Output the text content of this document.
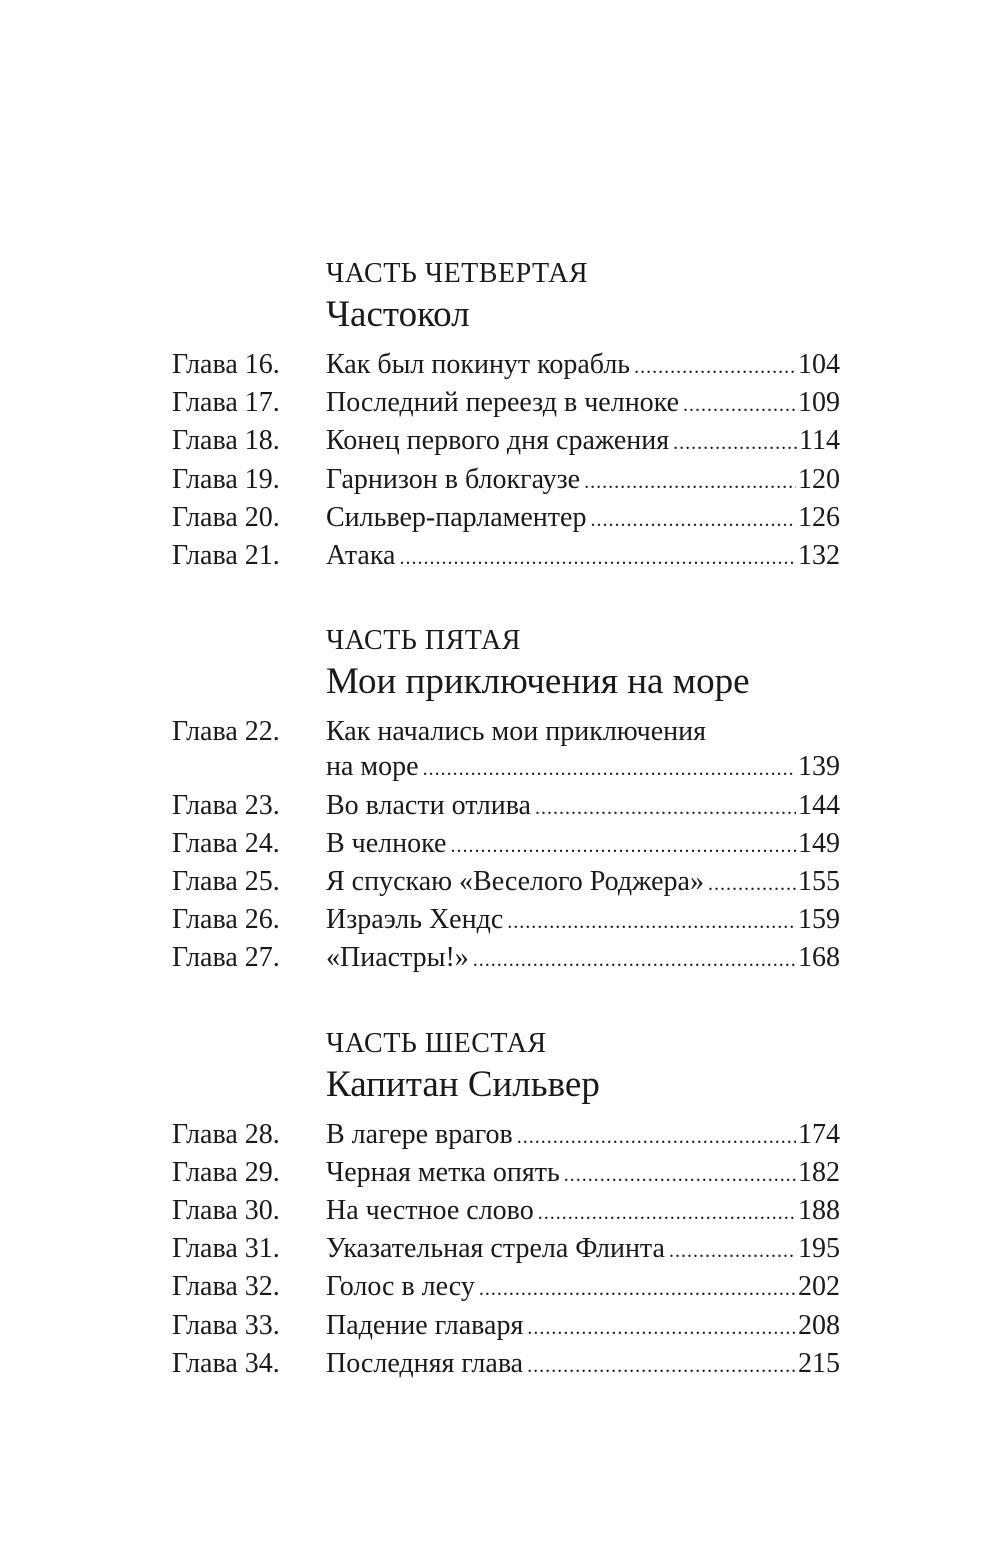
ЧАСТЬ ЧЕТВЕРТАЯ
Частокол
Глава 16.	Как был покинут корабль .....	104
Глава 17.	Последний переезд в челноке .....	109
Глава 18.	Конец первого дня сражения .....	114
Глава 19.	Гарнизон в блокгаузе .....	120
Глава 20.	Сильвер-парламентер .....	126
Глава 21.	Атака .....	132
ЧАСТЬ ПЯТАЯ
Мои приключения на море
Глава 22.	Как начались мои приключения
на море .....	139
Глава 23.	Во власти отлива .....	144
Глава 24.	В челноке .....	149
Глава 25.	Я спускаю «Веселого Роджера» .....	155
Глава 26.	Израэль Хендс .....	159
Глава 27.	«Пиастры!» .....	168
ЧАСТЬ ШЕСТАЯ
Капитан Сильвер
Глава 28.	В лагере врагов .....	174
Глава 29.	Черная метка опять .....	182
Глава 30.	На честное слово .....	188
Глава 31.	Указательная стрела Флинта .....	195
Глава 32.	Голос в лесу .....	202
Глава 33.	Падение главаря .....	208
Глава 34.	Последняя глава .....	215
